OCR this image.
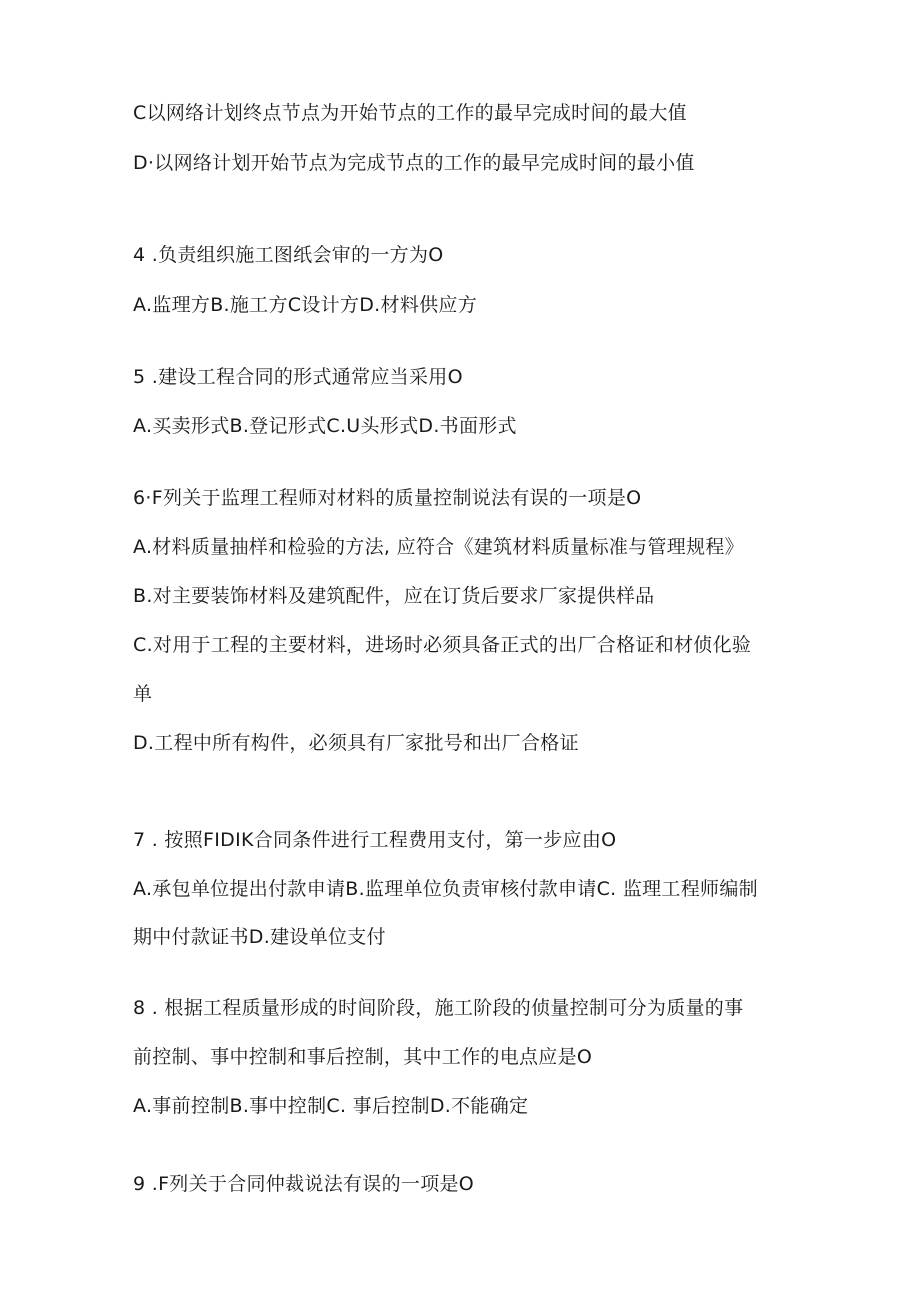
C以网络计划终点节点为开始节点的工作的最早完成时间的最大值
D·以网络计划开始节点为完成节点的工作的最早完成时间的最小值
4 .负责组织施工图纸会审的一方为O
A.监理方B.施工方C设计方D.材料供应方
5 .建设工程合同的形式通常应当采用O
A.买卖形式B.登记形式C.U头形式D.书面形式
6·F列关于监理工程师对材料的质量控制说法有误的一项是O
A.材料质量抽样和检验的方法, 应符合《建筑材料质量标准与管理规程》
B.对主要装饰材料及建筑配件，应在订货后要求厂家提供样品
C.对用于工程的主要材料，进场时必须具备正式的出厂合格证和材侦化验
单
D.工程中所有构件，必须具有厂家批号和出厂合格证
7 . 按照FIDIK合同条件进行工程费用支付，第一步应由O
A.承包单位提出付款申请B.监理单位负责审核付款申请C. 监理工程师编制
期中付款证书D.建设单位支付
8 . 根据工程质量形成的时间阶段，施工阶段的侦量控制可分为质量的事
前控制、事中控制和事后控制，其中工作的电点应是O
A.事前控制B.事中控制C. 事后控制D.不能确定
9 .F列关于合同仲裁说法有误的一项是O
